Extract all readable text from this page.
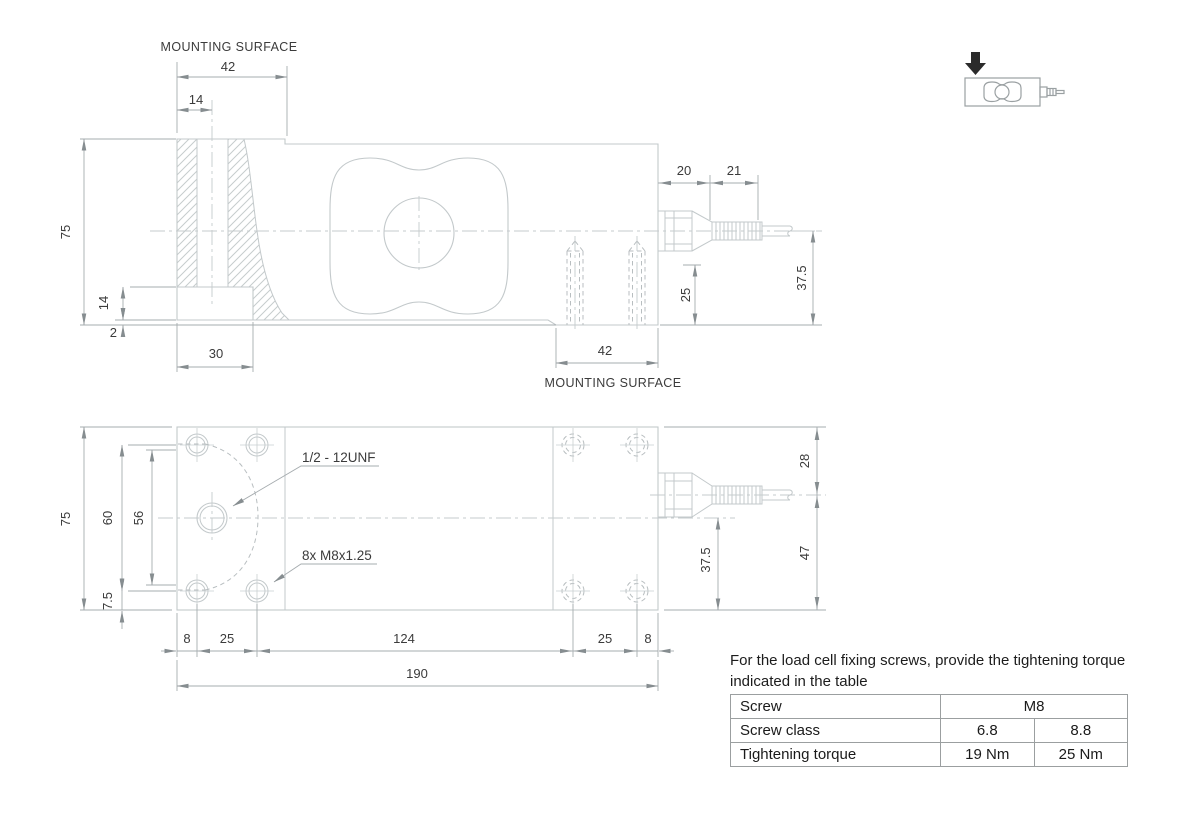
MOUNTING SURFACE
42
14
75
14
2
30	42
MOUNTING SURFACE
20	21
25
37.5
1/2 - 12UNF
8x M8x1.25
75 60 56
7.5
8 25	124	25 8
190
28
47
37.5
For the load cell fixing screws, provide the tightening torque indicated in the table
Screw	M8	
Screw class	6.8	8.8
Tightening torque	19 Nm	25 Nm
